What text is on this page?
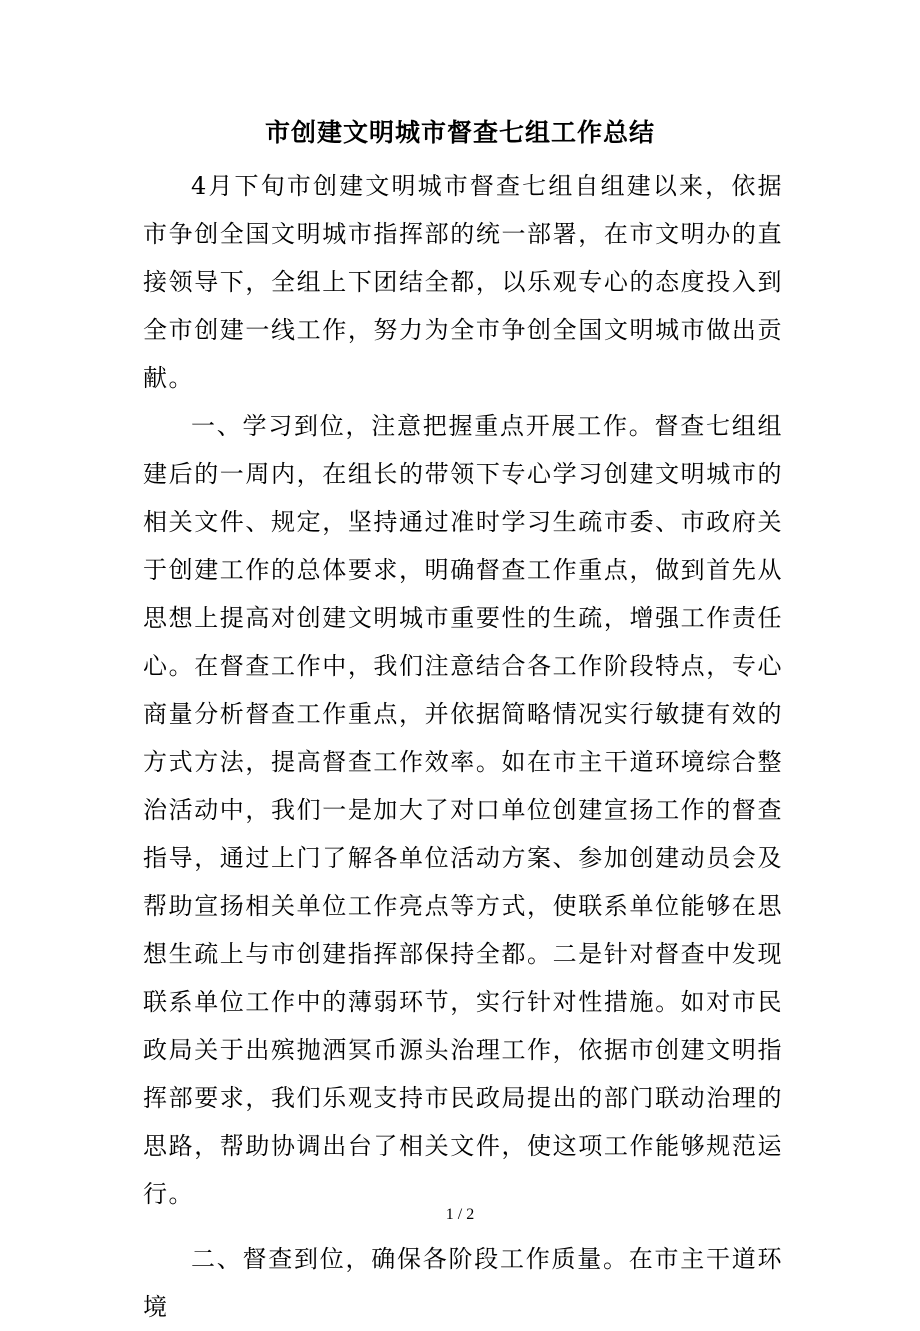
市创建文明城市督查七组工作总结

4月下旬市创建文明城市督查七组自组建以来，依据市争创全国文明城市指挥部的统一部署，在市文明办的直接领导下，全组上下团结全都，以乐观专心的态度投入到全市创建一线工作，努力为全市争创全国文明城市做出贡献。

一、学习到位，注意把握重点开展工作。督查七组组建后的一周内，在组长的带领下专心学习创建文明城市的相关文件、规定，坚持通过准时学习生疏市委、市政府关于创建工作的总体要求，明确督查工作重点，做到首先从思想上提高对创建文明城市重要性的生疏，增强工作责任心。在督查工作中，我们注意结合各工作阶段特点，专心商量分析督查工作重点，并依据简略情况实行敏捷有效的方式方法，提高督查工作效率。如在市主干道环境综合整治活动中，我们一是加大了对口单位创建宣扬工作的督查指导，通过上门了解各单位活动方案、参加创建动员会及帮助宣扬相关单位工作亮点等方式，使联系单位能够在思想生疏上与市创建指挥部保持全都。二是针对督查中发现联系单位工作中的薄弱环节，实行针对性措施。如对市民政局关于出殡抛洒冥币源头治理工作，依据市创建文明指挥部要求，我们乐观支持市民政局提出的部门联动治理的思路，帮助协调出台了相关文件，使这项工作能够规范运行。

二、督查到位，确保各阶段工作质量。在市主干道环境

1 / 2
